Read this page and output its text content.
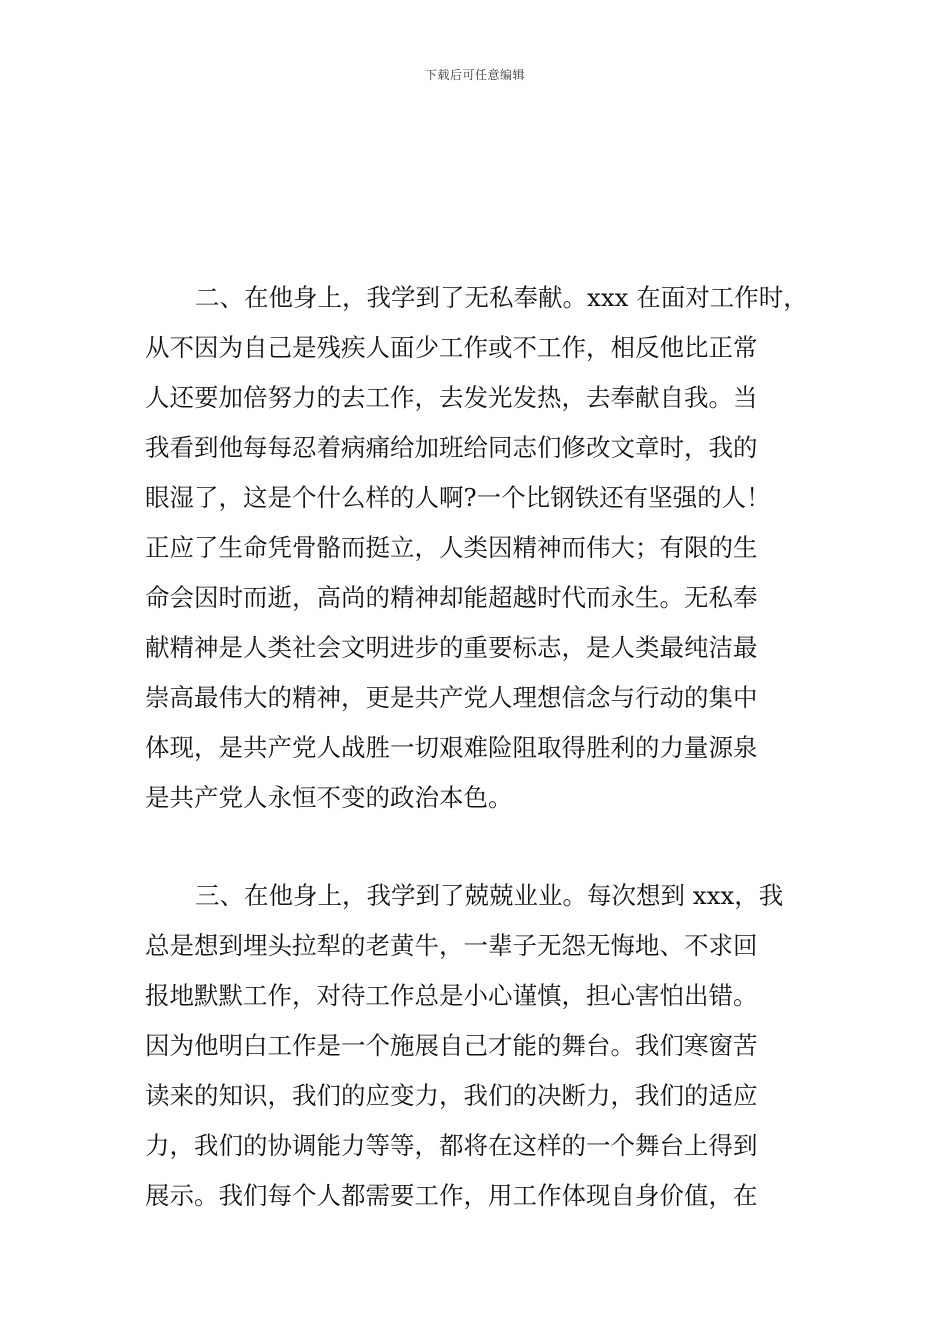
下载后可任意编辑
二、在他身上，我学到了无私奉献。xxx 在面对工作时，
从不因为自己是残疾人面少工作或不工作，相反他比正常
人还要加倍努力的去工作，去发光发热，去奉献自我。当
我看到他每每忍着病痛给加班给同志们修改文章时，我的
眼湿了，这是个什么样的人啊?一个比钢铁还有坚强的人！
正应了生命凭骨骼而挺立，人类因精神而伟大；有限的生
命会因时而逝，高尚的精神却能超越时代而永生。无私奉
献精神是人类社会文明进步的重要标志，是人类最纯洁最
崇高最伟大的精神，更是共产党人理想信念与行动的集中
体现，是共产党人战胜一切艰难险阻取得胜利的力量源泉
是共产党人永恒不变的政治本色。
三、在他身上，我学到了兢兢业业。每次想到 xxx，我
总是想到埋头拉犁的老黄牛，一辈子无怨无悔地、不求回
报地默默工作，对待工作总是小心谨慎，担心害怕出错。
因为他明白工作是一个施展自己才能的舞台。我们寒窗苦
读来的知识，我们的应变力，我们的决断力，我们的适应
力，我们的协调能力等等，都将在这样的一个舞台上得到
展示。我们每个人都需要工作，用工作体现自身价值，在
